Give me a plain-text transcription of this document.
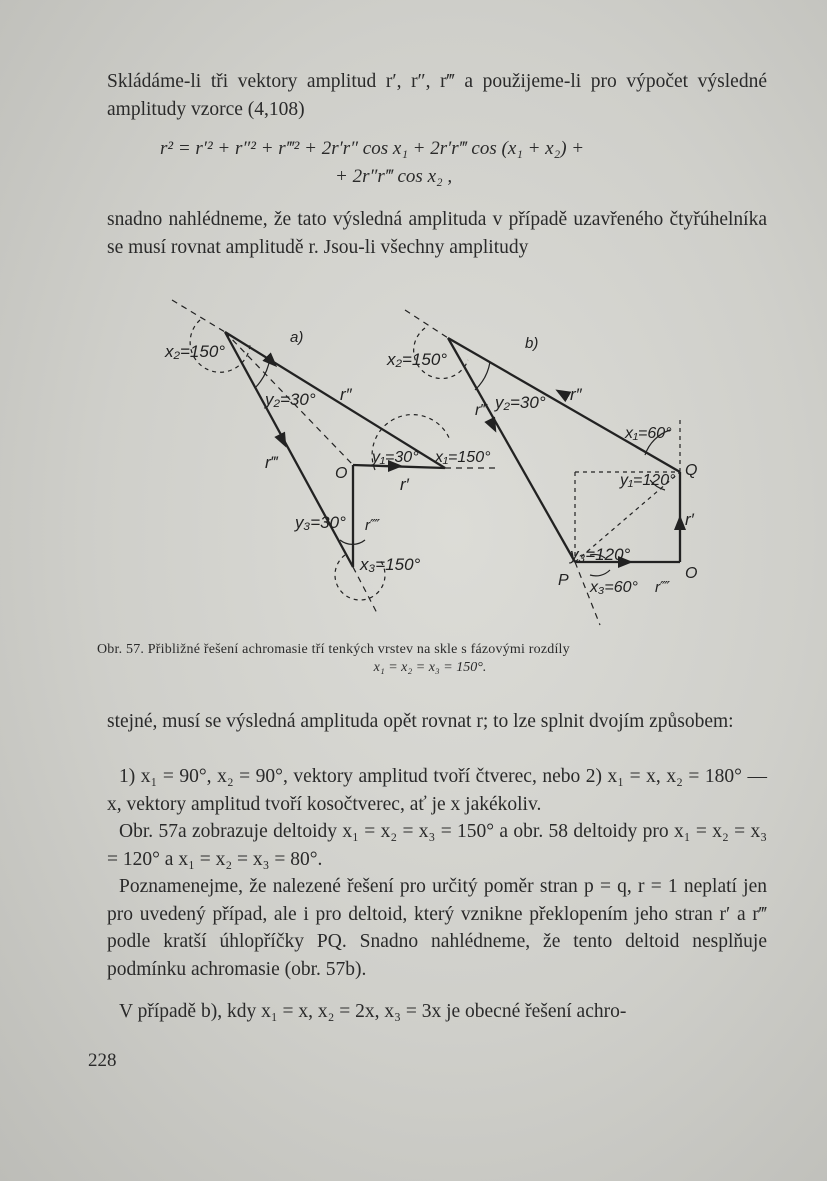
Skládáme-li tři vektory amplitud r′, r″, r‴ a použijeme-li pro výpočet výsledné amplitudy vzorce (4,108)

r² = r′² + r″² + r‴² + 2r′r″ cos x₁ + 2r′r‴ cos (x₁ + x₂) +
+ 2r″r‴ cos x₂ ,

snadno nahlédneme, že tato výsledná amplituda v případě uzavřeného čtyřúhelníka se musí rovnat amplitudě r. Jsou-li všechny amplitudy

x₂=150°
a)
y₂=30° r″
r‴
O
y₁=30° x₁=150°
r′
y₃=30° r⁗
x₃=150°
x₂=150°
b)
r‴ y₂=30° r″
x₁=60°
y₁=120°
Q
r′
y₃=120°
P x₃=60° r⁗
O

Obr. 57. Přibližné řešení achromasie tří tenkých vrstev na skle s fázovými rozdíly

x₁ = x₂ = x₃ = 150°.

stejné, musí se výsledná amplituda opět rovnat r; to lze splnit dvojím způsobem:

1) x₁ = 90°, x₂ = 90°, vektory amplitud tvoří čtverec, nebo 2) x₁ = x, x₂ = 180° — x, vektory amplitud tvoří kosočtverec, ať je x jakékoliv.

Obr. 57a zobrazuje deltoidy x₁ = x₂ = x₃ = 150° a obr. 58 deltoidy pro x₁ = x₂ = x₃ = 120° a x₁ = x₂ = x₃ = 80°.

Poznamenejme, že nalezené řešení pro určitý poměr stran p = q, r = 1 neplatí jen pro uvedený případ, ale i pro deltoid, který vznikne překlopením jeho stran r′ a r‴ podle kratší úhlopříčky PQ. Snadno nahlédneme, že tento deltoid nesplňuje podmínku achromasie (obr. 57b).

V případě b), kdy x₁ = x, x₂ = 2x, x₃ = 3x je obecné řešení achro-

228
